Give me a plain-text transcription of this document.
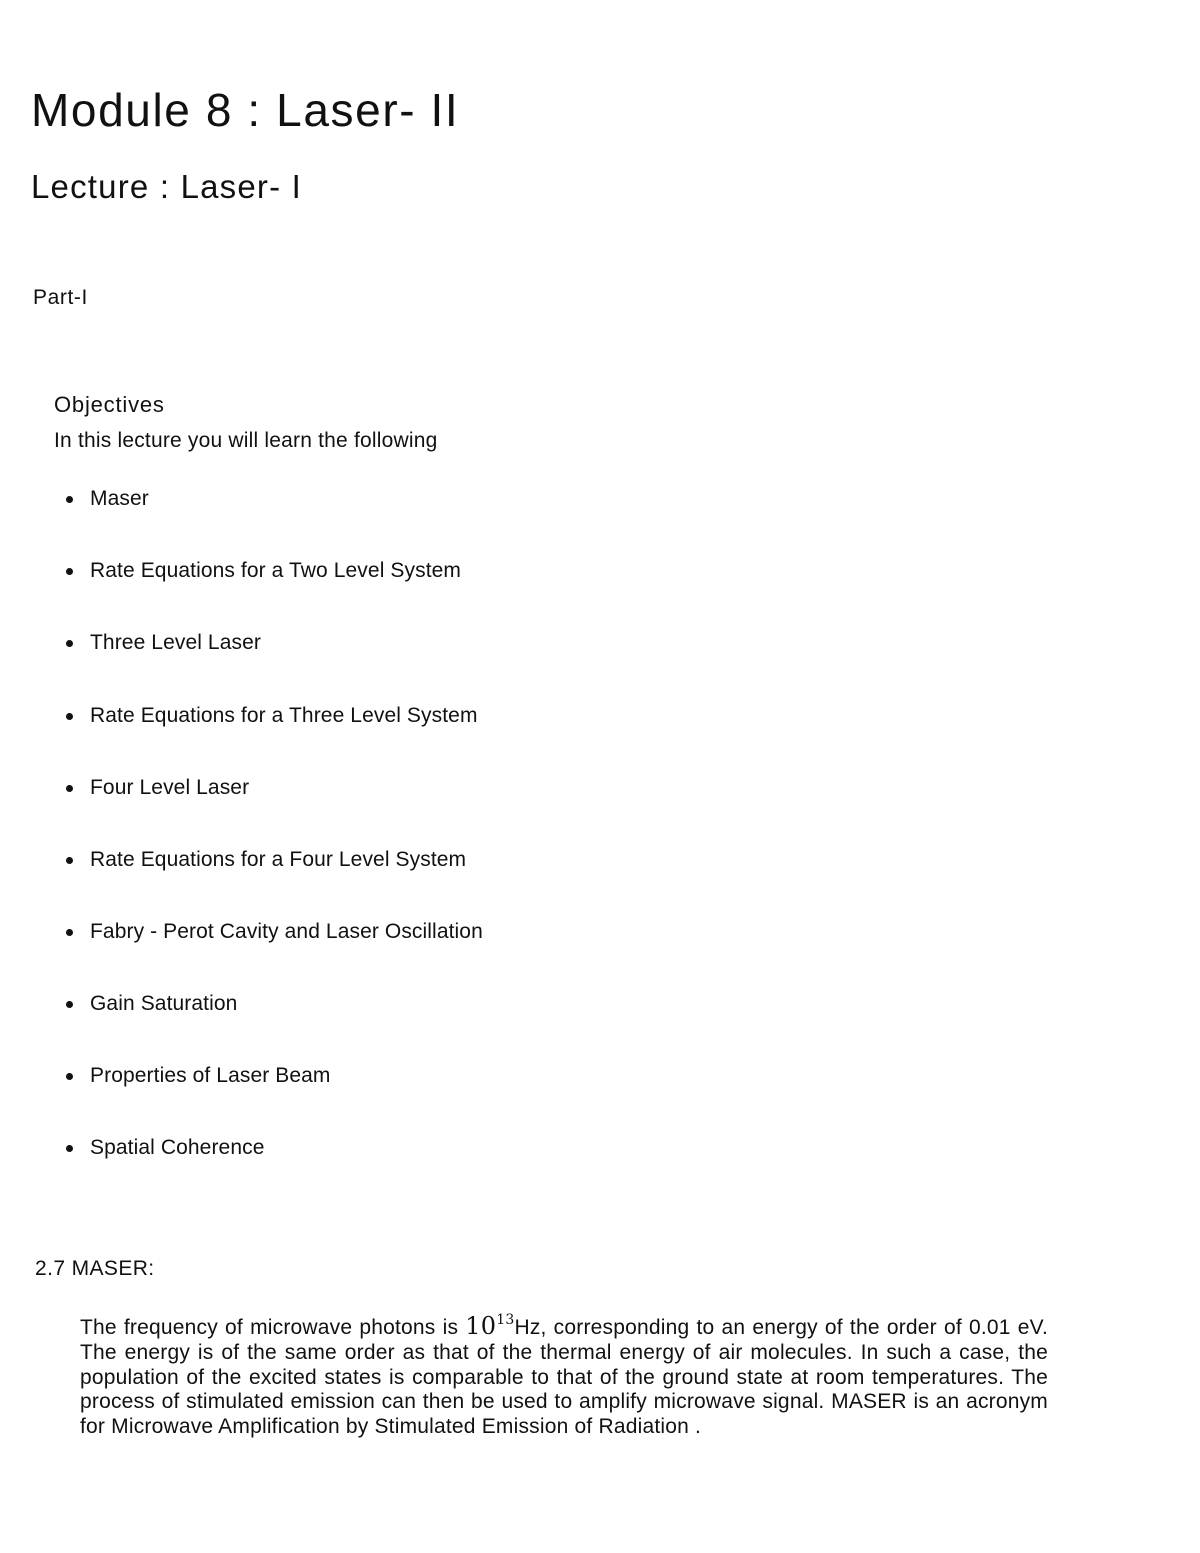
Module 8 : Laser- II
Lecture : Laser- I
Part-I
Objectives
In this lecture you will learn the following
Maser
Rate Equations for a Two Level System
Three Level Laser
Rate Equations for a Three Level System
Four Level Laser
Rate Equations for a Four Level System
Fabry - Perot Cavity and Laser Oscillation
Gain Saturation
Properties of Laser Beam
Spatial Coherence
2.7 MASER:

The frequency of microwave photons is $10^{13}Hz$, corresponding to an energy of the order of 0.01 eV. The energy is of the same order as that of the thermal energy of air molecules. In such a case, the population of the excited states is comparable to that of the ground state at room temperatures. The process of stimulated emission can then be used to amplify microwave signal. MASER is an acronym for Microwave Amplification by Stimulated Emission of Radiation .
